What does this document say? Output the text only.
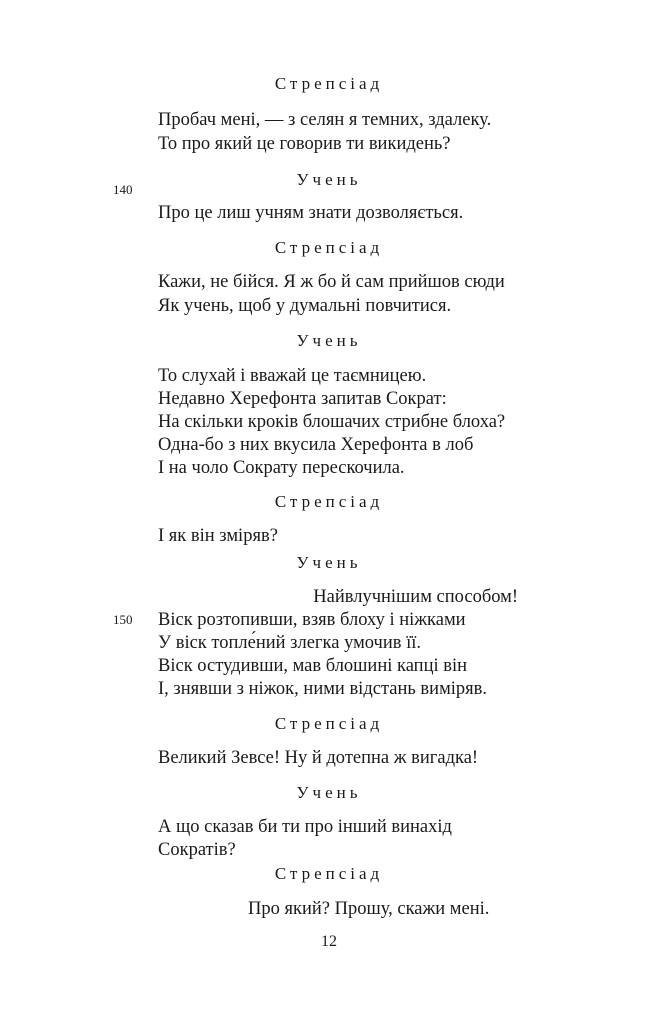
Стрепсіад
Пробач мені, — з селян я темних, здалеку.
То про який це говорив ти викидень?
Учень
140
Про це лиш учням знати дозволяється.
Стрепсіад
Кажи, не бійся. Я ж бо й сам прийшов сюди
Як учень, щоб у думальні повчитися.
Учень
То слухай і вважай це таємницею.
Недавно Херефонта запитав Сократ:
На скільки кроків блошачих стрибне блоха?
Одна-бо з них вкусила Херефонта в лоб
І на чоло Сократу перескочила.
Стрепсіад
І як він зміряв?
Учень
Найвлучнішим способом!
150 Віск розтопивши, взяв блоху і ніжками
У віск топле́ний злегка умочив її.
Віск остудивши, мав блошині капці він
І, знявши з ніжок, ними відстань виміряв.
Стрепсіад
Великий Зевсе! Ну й дотепна ж вигадка!
Учень
А що сказав би ти про інший винахід
Сократів?
Стрепсіад
Про який? Прошу, скажи мені.
12
